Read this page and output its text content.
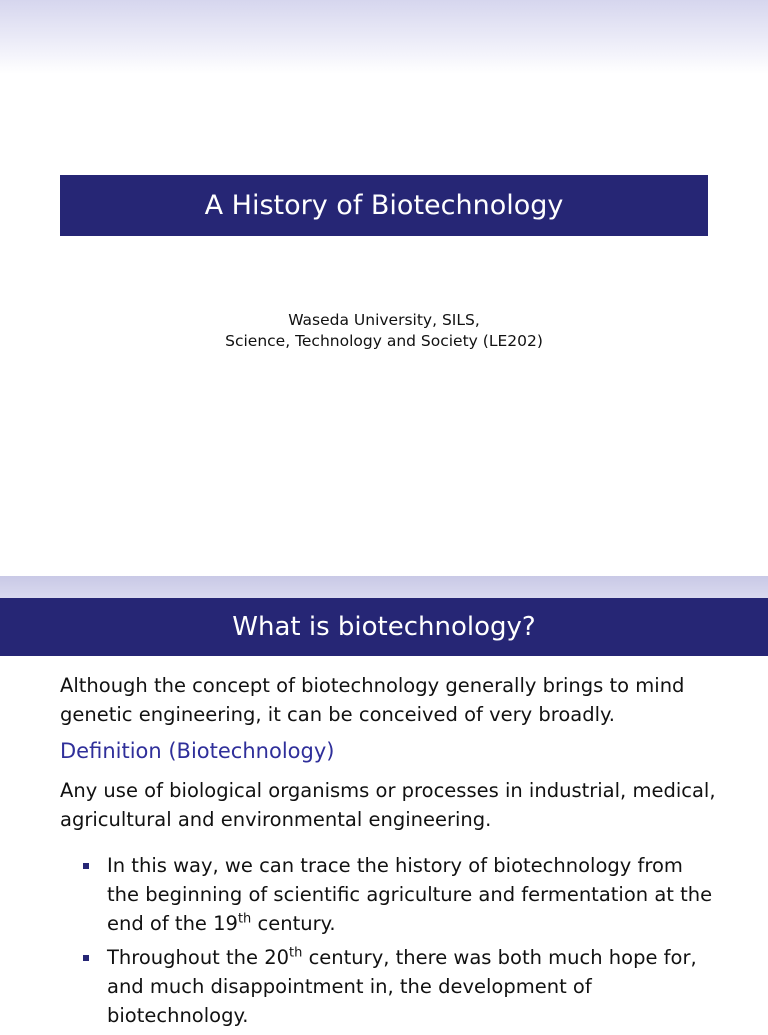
A History of Biotechnology
Waseda University, SILS,
Science, Technology and Society (LE202)
What is biotechnology?
Although the concept of biotechnology generally brings to mind genetic engineering, it can be conceived of very broadly.
Definition (Biotechnology)
Any use of biological organisms or processes in industrial, medical, agricultural and environmental engineering.
In this way, we can trace the history of biotechnology from the beginning of scientific agriculture and fermentation at the end of the 19th century.
Throughout the 20th century, there was both much hope for, and much disappointment in, the development of biotechnology.
